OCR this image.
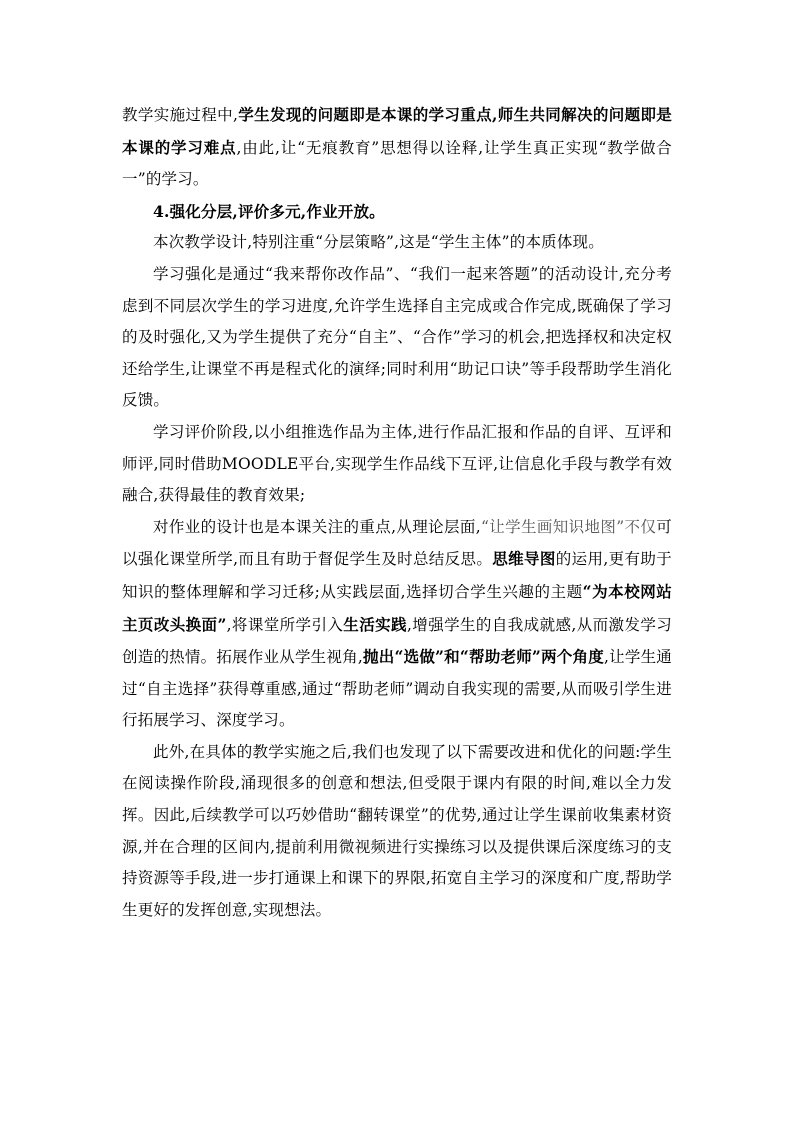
教学实施过程中,学生发现的问题即是本课的学习重点,师生共同解决的问题即是本课的学习难点,由此,让“无痕教育”思想得以诠释,让学生真正实现“教学做合一”的学习。

4.强化分层,评价多元,作业开放。

本次教学设计,特别注重“分层策略”,这是“学生主体”的本质体现。

学习强化是通过“我来帮你改作品”、“我们一起来答题”的活动设计,充分考虑到不同层次学生的学习进度,允许学生选择自主完成或合作完成,既确保了学习的及时强化,又为学生提供了充分“自主”、“合作”学习的机会,把选择权和决定权还给学生,让课堂不再是程式化的演绎;同时利用“助记口诀”等手段帮助学生消化反馈。

学习评价阶段,以小组推选作品为主体,进行作品汇报和作品的自评、互评和师评,同时借助MOODLE平台,实现学生作品线下互评,让信息化手段与教学有效融合,获得最佳的教育效果;

对作业的设计也是本课关注的重点,从理论层面,“让学生画知识地图”不仅可以强化课堂所学,而且有助于督促学生及时总结反思。思维导图的运用,更有助于知识的整体理解和学习迁移;从实践层面,选择切合学生兴趣的主题“为本校网站主页改头换面”,将课堂所学引入生活实践,增强学生的自我成就感,从而激发学习创造的热情。拓展作业从学生视角,抛出“选做”和“帮助老师”两个角度,让学生通过“自主选择”获得尊重感,通过“帮助老师”调动自我实现的需要,从而吸引学生进行拓展学习、深度学习。

此外,在具体的教学实施之后,我们也发现了以下需要改进和优化的问题:学生在阅读操作阶段,涌现很多的创意和想法,但受限于课内有限的时间,难以全力发挥。因此,后续教学可以巧妙借助“翻转课堂”的优势,通过让学生课前收集素材资源,并在合理的区间内,提前利用微视频进行实操练习以及提供课后深度练习的支持资源等手段,进一步打通课上和课下的界限,拓宽自主学习的深度和广度,帮助学生更好的发挥创意,实现想法。
